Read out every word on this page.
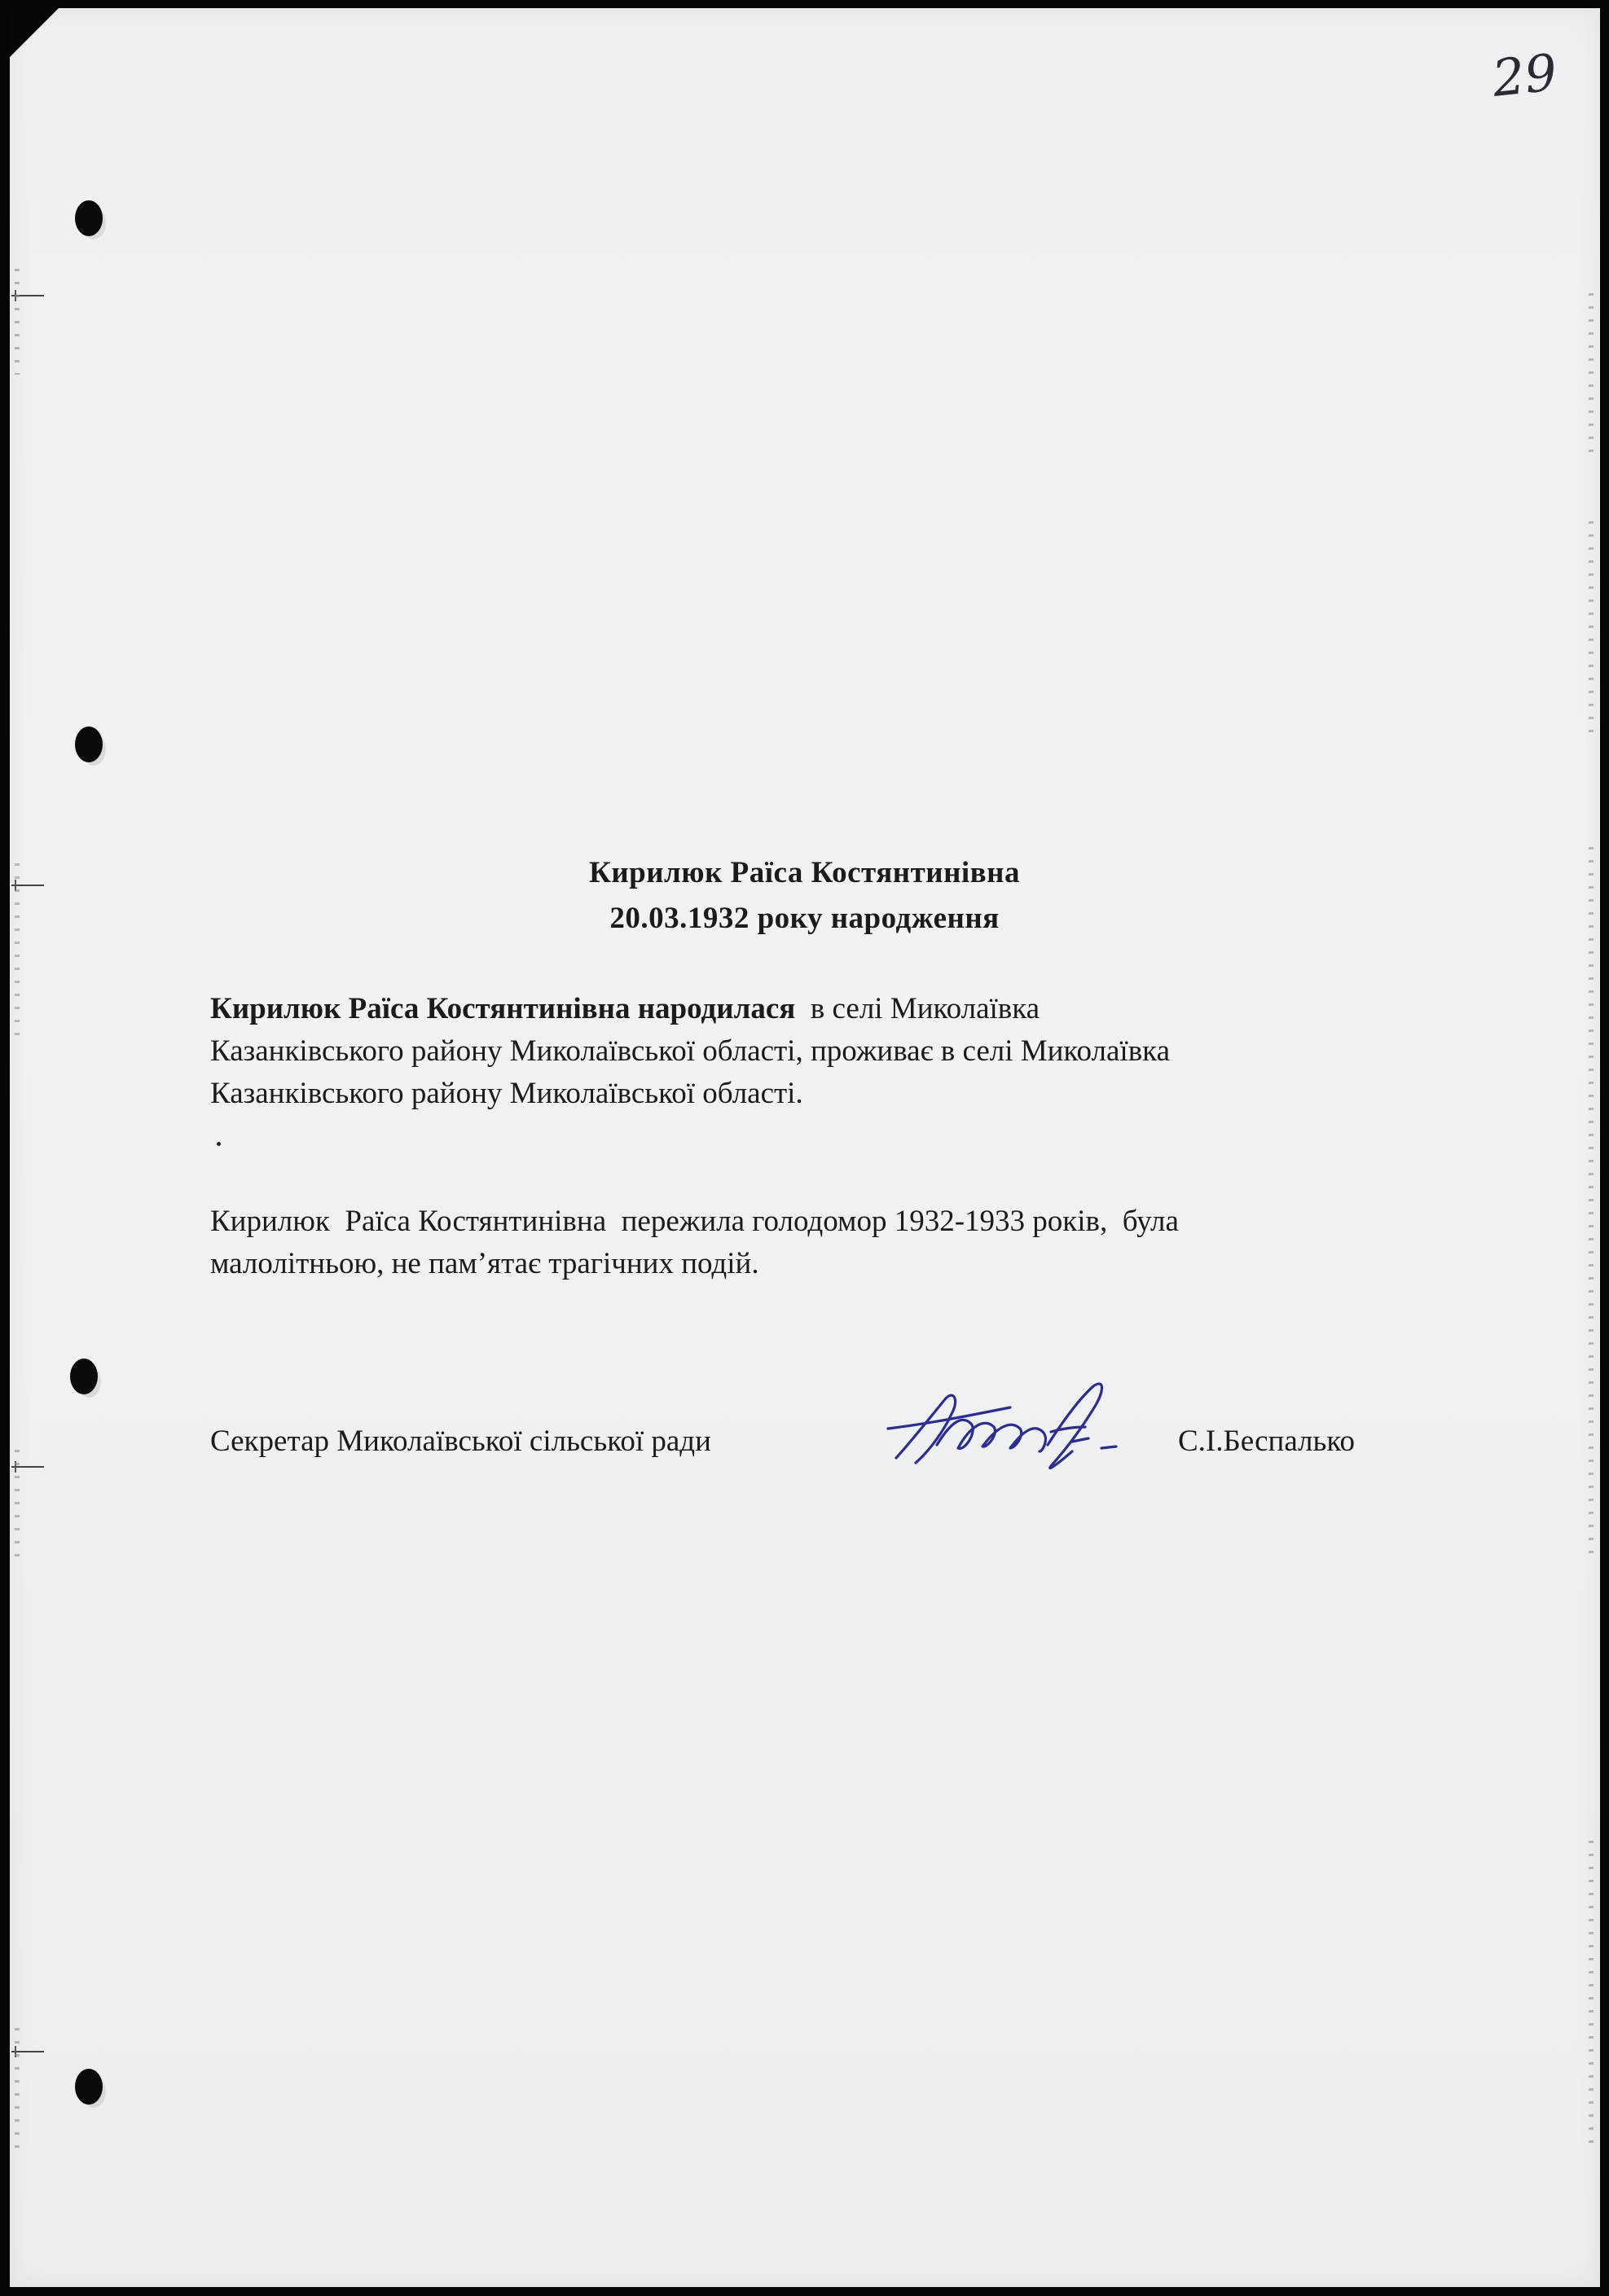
29
Кирилюк Раїса Костянтинівна
20.03.1932 року народження
Кирилюк Раїса Костянтинівна народилася  в селі Миколаївка
Казанківського району Миколаївської області, проживає в селі Миколаївка
Казанківського району Миколаївської області.
Кирилюк  Раїса Костянтинівна  пережила голодомор 1932-1933 років,  була
малолітньою, не пам’ятає трагічних подій.
Секретар Миколаївської сільської ради	С.І.Беспалько
